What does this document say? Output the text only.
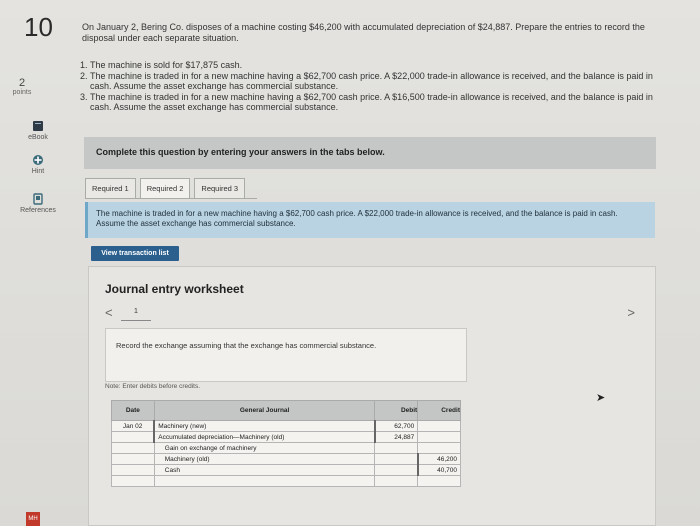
10
2
points
eBook
Hint
References
MH
On January 2, Bering Co. disposes of a machine costing $46,200 with accumulated depreciation of $24,887. Prepare the entries to record the disposal under each separate situation.
1. The machine is sold for $17,875 cash.
2. The machine is traded in for a new machine having a $62,700 cash price. A $22,000 trade-in allowance is received, and the balance is paid in cash. Assume the asset exchange has commercial substance.
3. The machine is traded in for a new machine having a $62,700 cash price. A $16,500 trade-in allowance is received, and the balance is paid in cash. Assume the asset exchange has commercial substance.
Complete this question by entering your answers in the tabs below.
Required 1	Required 2	Required 3
The machine is traded in for a new machine having a $62,700 cash price. A $22,000 trade-in allowance is received, and the balance is paid in cash. Assume the asset exchange has commercial substance.
View transaction list
Journal entry worksheet
<	1	>
Record the exchange assuming that the exchange has commercial substance.
Note: Enter debits before credits.
Date	General Journal	Debit	Credit
Jan 02	Machinery (new)	62,700	
	Accumulated depreciation—Machinery (old)	24,887	
	Gain on exchange of machinery		
	Machinery (old)		46,200
	Cash		40,700

➤
